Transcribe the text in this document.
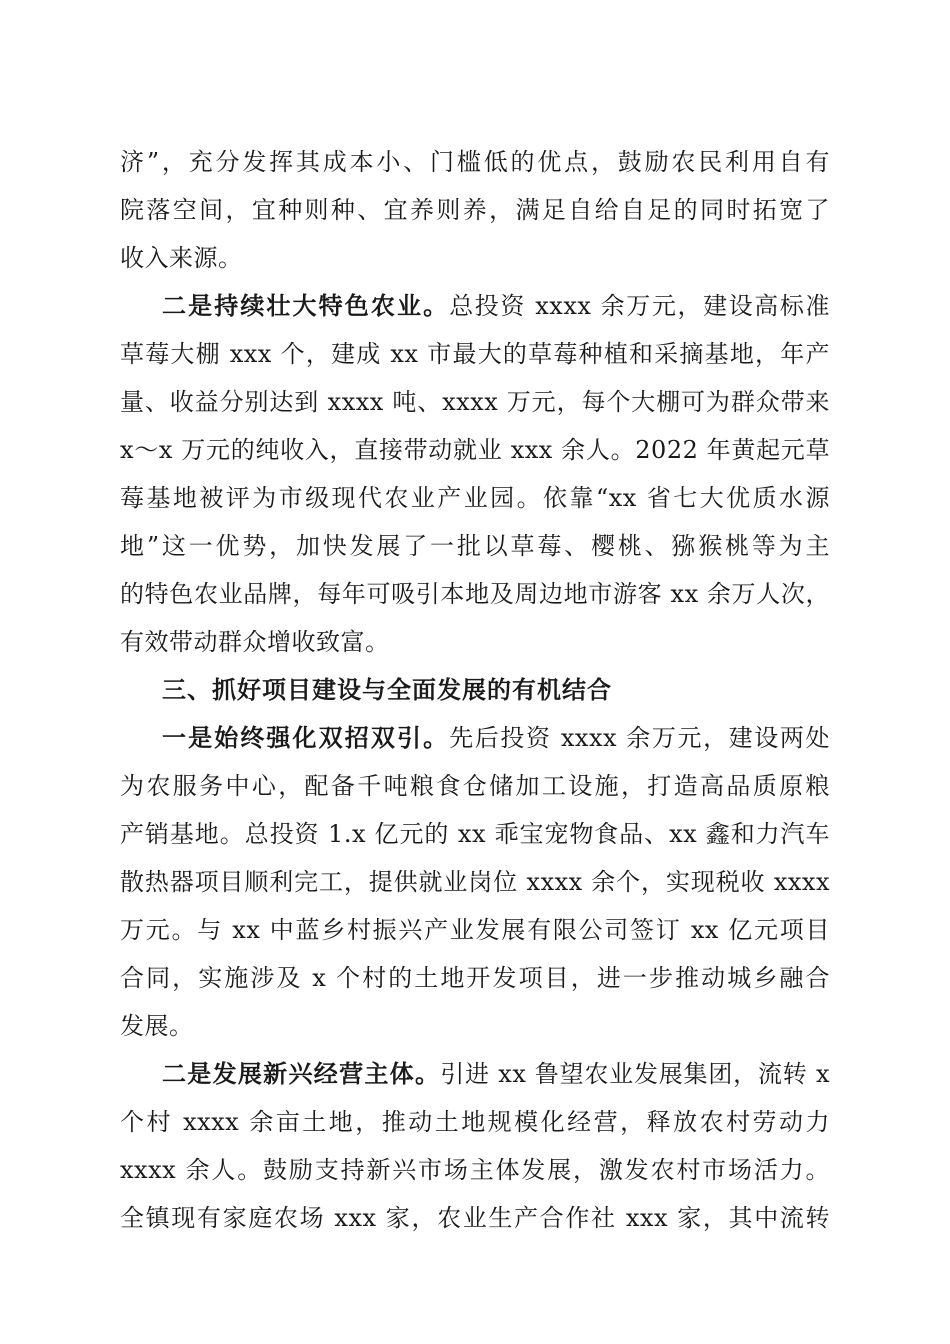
济”，充分发挥其成本小、门槛低的优点，鼓励农民利用自有
院落空间，宜种则种、宜养则养，满足自给自足的同时拓宽了
收入来源。
二是持续壮大特色农业。总投资 xxxx 余万元，建设高标准
草莓大棚 xxx 个，建成 xx 市最大的草莓种植和采摘基地，年产
量、收益分别达到 xxxx 吨、xxxx 万元，每个大棚可为群众带来
x～x 万元的纯收入，直接带动就业 xxx 余人。2022 年黄起元草
莓基地被评为市级现代农业产业园。依靠“xx 省七大优质水源
地”这一优势，加快发展了一批以草莓、樱桃、猕猴桃等为主
的特色农业品牌，每年可吸引本地及周边地市游客 xx 余万人次，
有效带动群众增收致富。
三、抓好项目建设与全面发展的有机结合
一是始终强化双招双引。先后投资 xxxx 余万元，建设两处
为农服务中心，配备千吨粮食仓储加工设施，打造高品质原粮
产销基地。总投资 1.x 亿元的 xx 乖宝宠物食品、xx 鑫和力汽车
散热器项目顺利完工，提供就业岗位 xxxx 余个，实现税收 xxxx
万元。与 xx 中蓝乡村振兴产业发展有限公司签订 xx 亿元项目
合同，实施涉及 x 个村的土地开发项目，进一步推动城乡融合
发展。
二是发展新兴经营主体。引进 xx 鲁望农业发展集团，流转 x
个村 xxxx 余亩土地，推动土地规模化经营，释放农村劳动力
xxxx 余人。鼓励支持新兴市场主体发展，激发农村市场活力。
全镇现有家庭农场 xxx 家，农业生产合作社 xxx 家，其中流转
